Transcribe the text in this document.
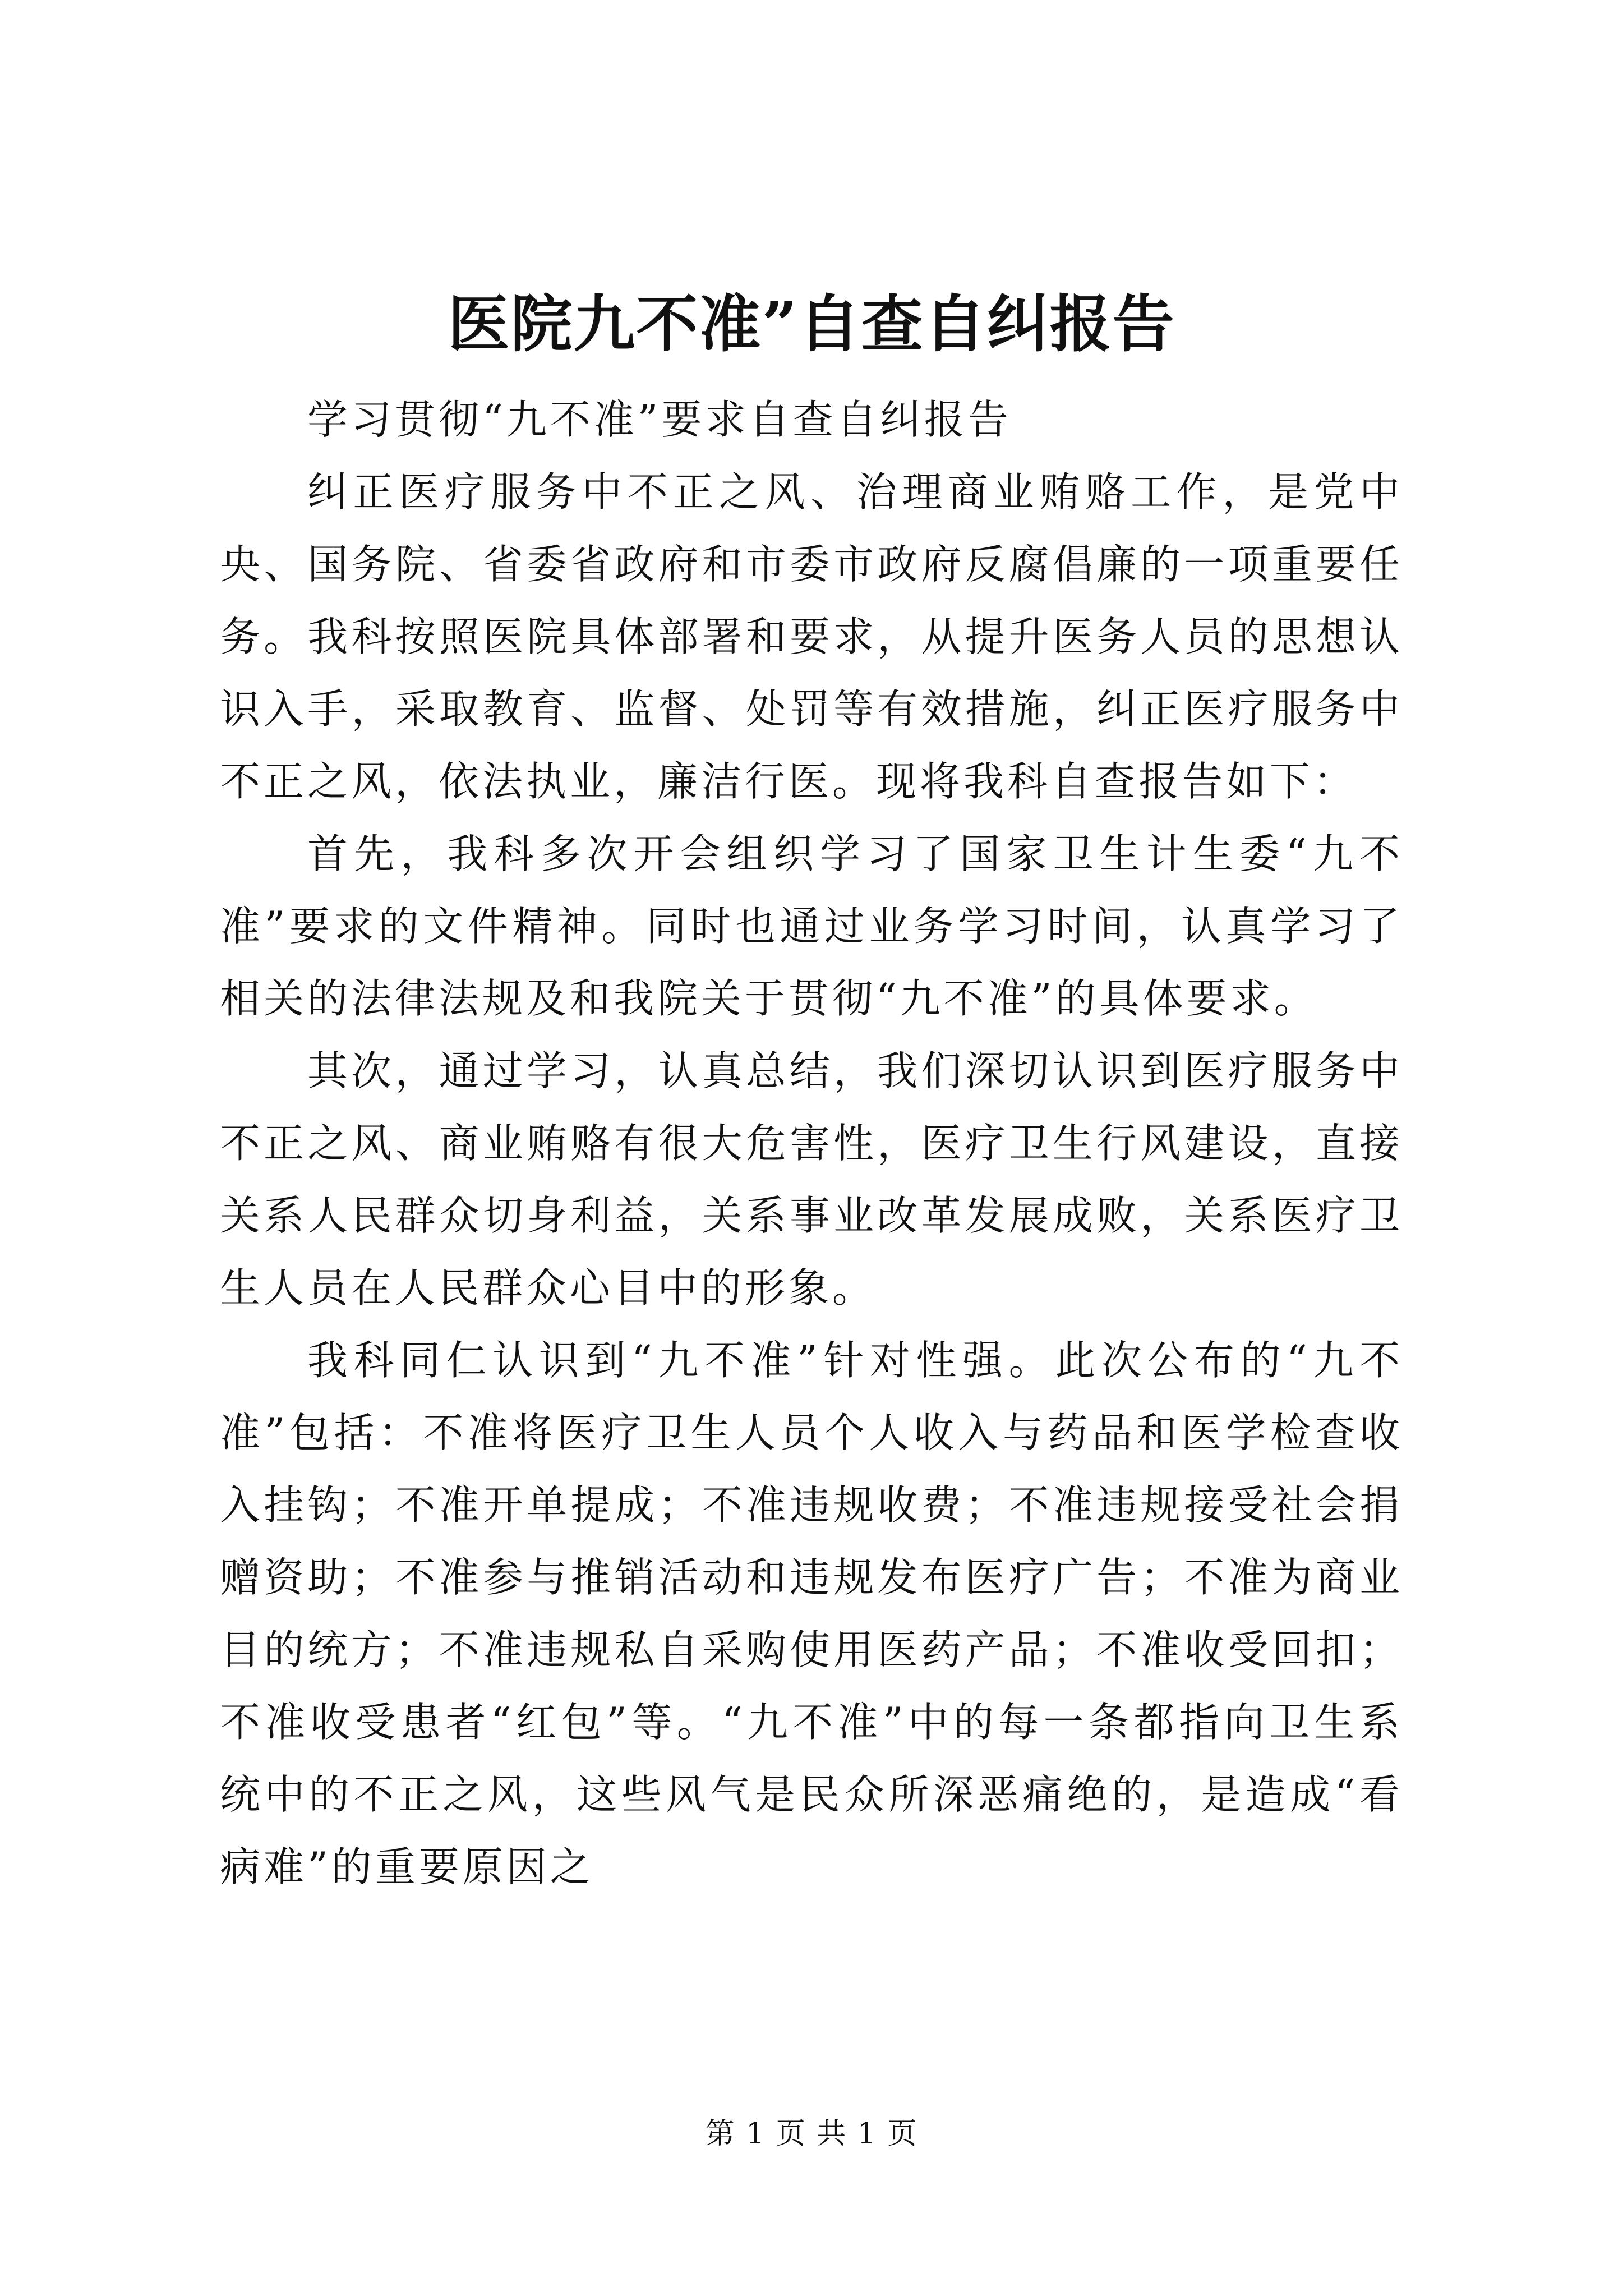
医院九不准”自查自纠报告

学习贯彻“九不准”要求自查自纠报告

纠正医疗服务中不正之风、治理商业贿赂工作，是党中央、国务院、省委省政府和市委市政府反腐倡廉的一项重要任务。我科按照医院具体部署和要求，从提升医务人员的思想认识入手，采取教育、监督、处罚等有效措施，纠正医疗服务中不正之风，依法执业，廉洁行医。现将我科自查报告如下：

首先，我科多次开会组织学习了国家卫生计生委“九不准”要求的文件精神。同时也通过业务学习时间，认真学习了相关的法律法规及和我院关于贯彻“九不准”的具体要求。

其次，通过学习，认真总结，我们深切认识到医疗服务中不正之风、商业贿赂有很大危害性，医疗卫生行风建设，直接关系人民群众切身利益，关系事业改革发展成败，关系医疗卫生人员在人民群众心目中的形象。

我科同仁认识到“九不准”针对性强。此次公布的“九不准”包括：不准将医疗卫生人员个人收入与药品和医学检查收入挂钩；不准开单提成；不准违规收费；不准违规接受社会捐赠资助；不准参与推销活动和违规发布医疗广告；不准为商业目的统方；不准违规私自采购使用医药产品；不准收受回扣；不准收受患者“红包”等。“九不准”中的每一条都指向卫生系统中的不正之风，这些风气是民众所深恶痛绝的，是造成“看病难”的重要原因之

第 1 页 共 1 页
